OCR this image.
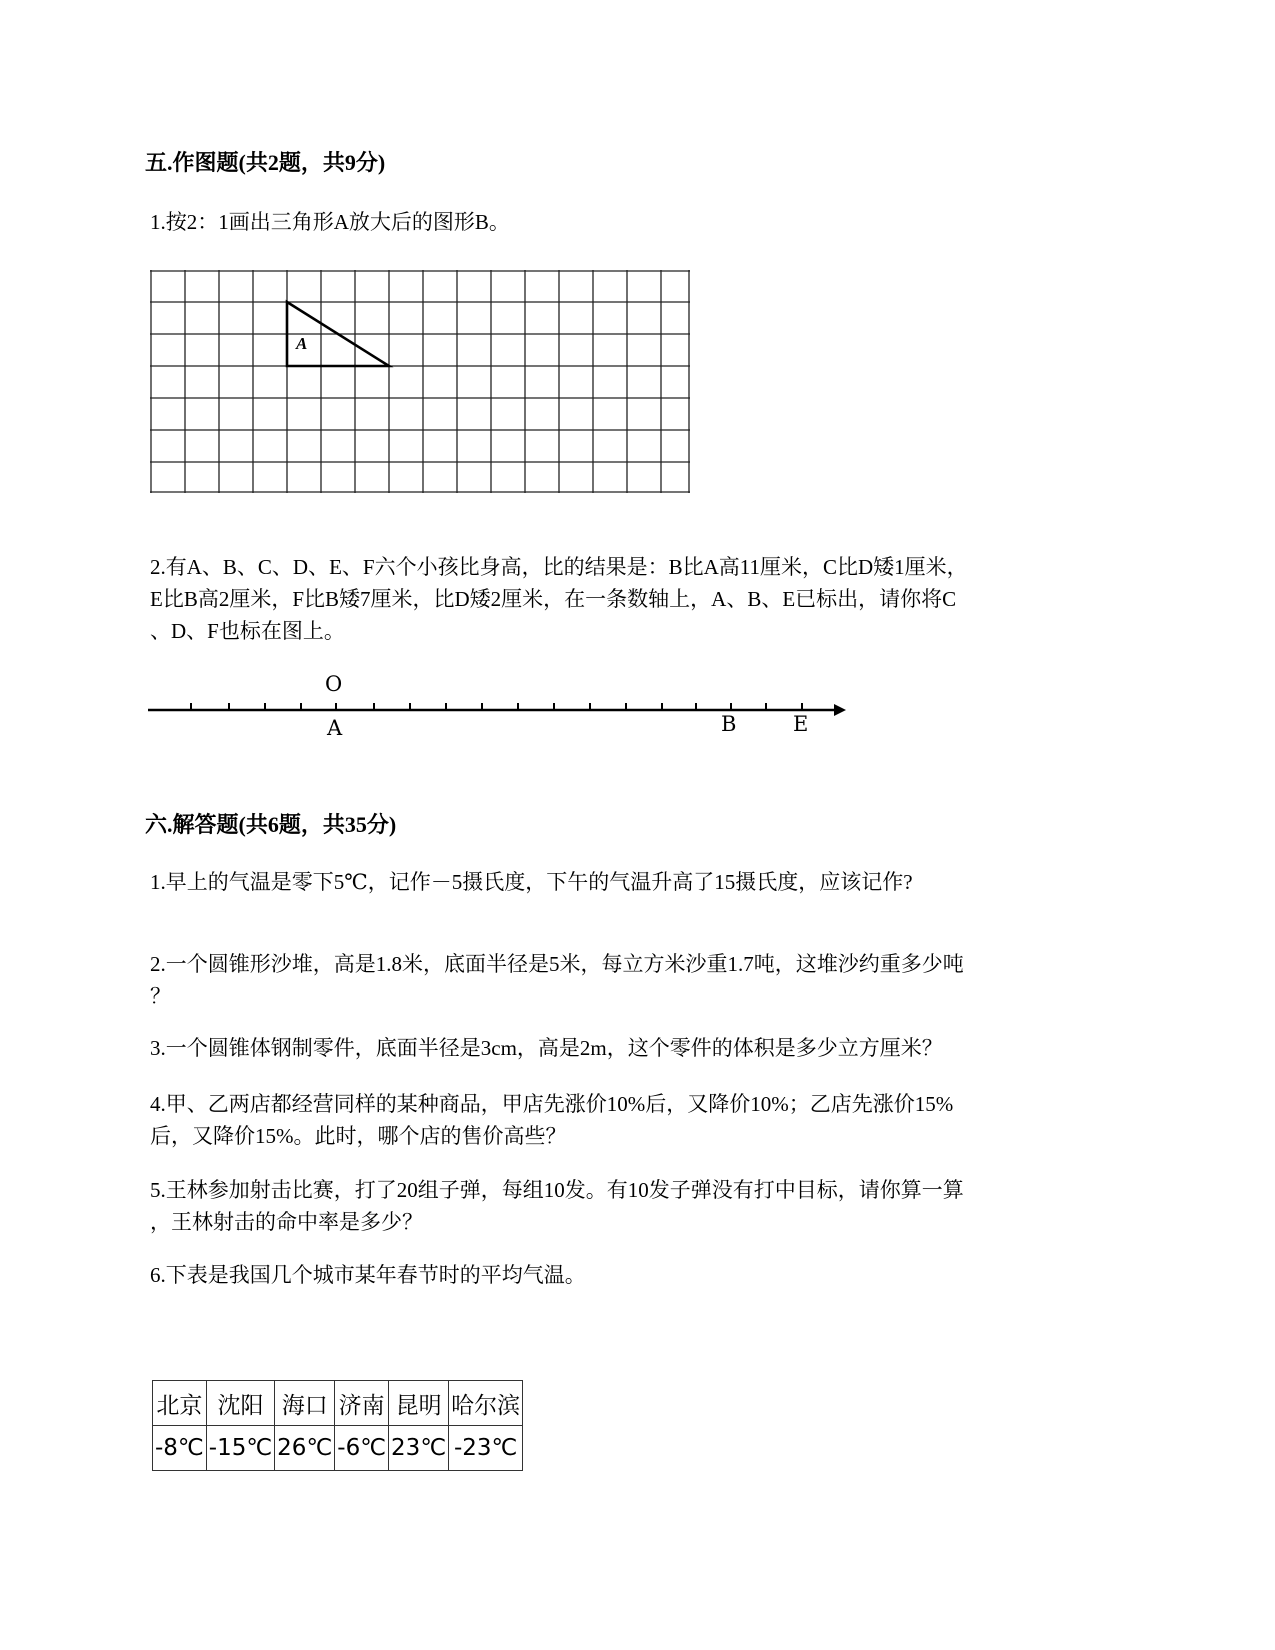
五.作图题(共2题，共9分)
1.按2：1画出三角形A放大后的图形B。
A
2.有A、B、C、D、E、F六个小孩比身高，比的结果是：B比A高11厘米，C比D矮1厘米，
E比B高2厘米，F比B矮7厘米，比D矮2厘米，在一条数轴上，A、B、E已标出，请你将C
、D、F也标在图上。
O
A	B	E
六.解答题(共6题，共35分)
1.早上的气温是零下5℃，记作－5摄氏度，下午的气温升高了15摄氏度，应该记作?
2.一个圆锥形沙堆，高是1.8米，底面半径是5米，每立方米沙重1.7吨，这堆沙约重多少吨
？
3.一个圆锥体钢制零件，底面半径是3cm，高是2m，这个零件的体积是多少立方厘米？
4.甲、乙两店都经营同样的某种商品，甲店先涨价10%后，又降价10%；乙店先涨价15%
后，又降价15%。此时，哪个店的售价高些？
5.王林参加射击比赛，打了20组子弹，每组10发。有10发子弹没有打中目标，请你算一算
，王林射击的命中率是多少？
6.下表是我国几个城市某年春节时的平均气温。
北京	沈阳	海口	济南	昆明	哈尔滨
-8℃	-15℃	26℃	-6℃	23℃	-23℃
